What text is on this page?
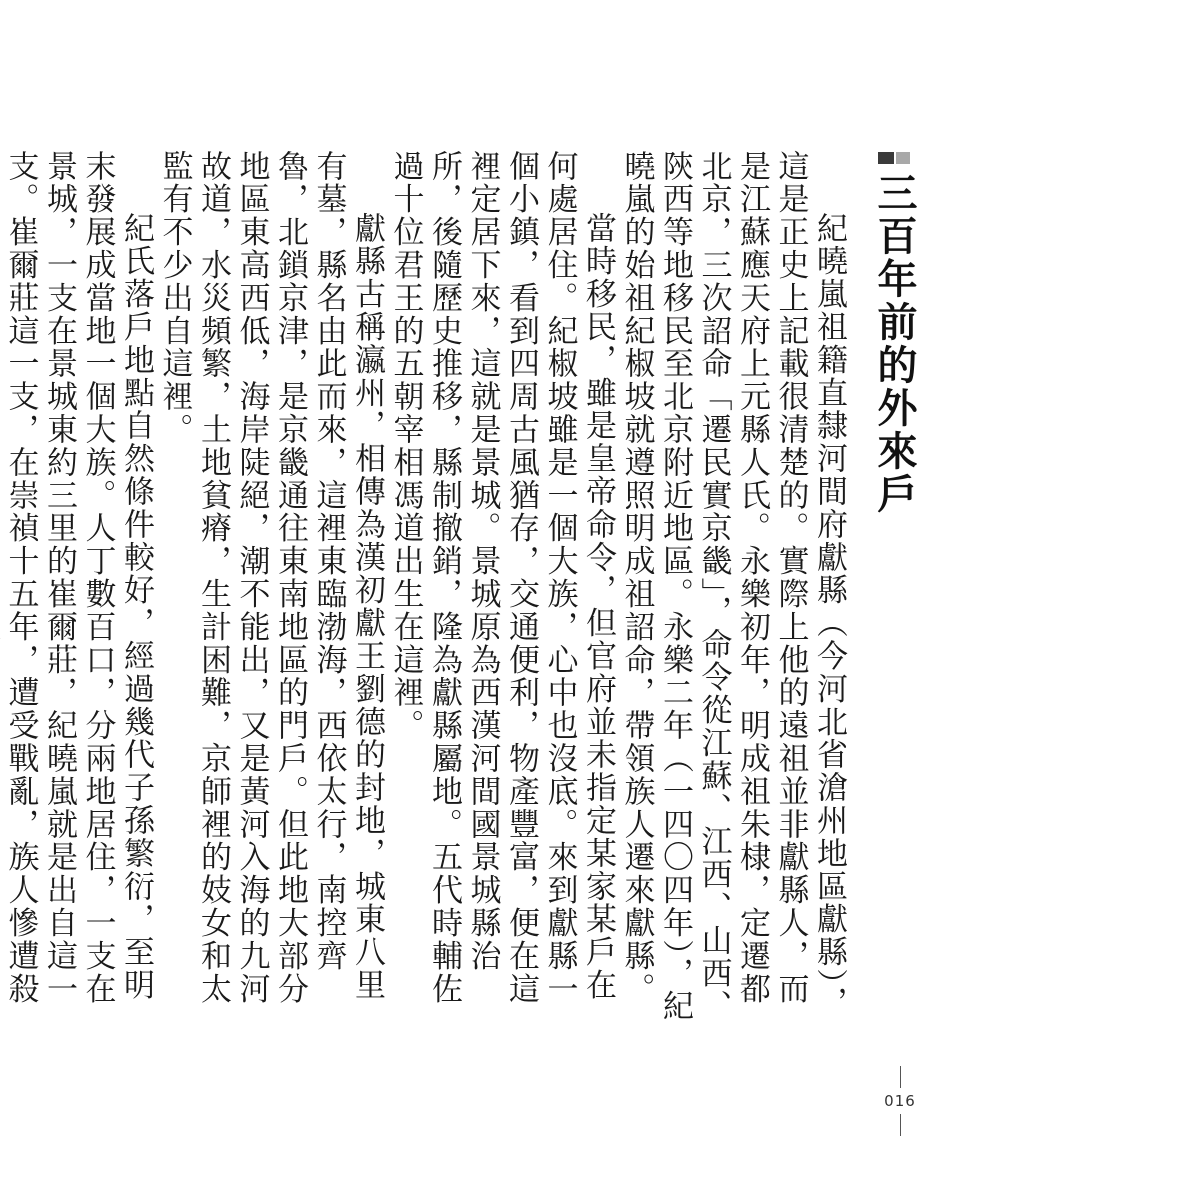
三百年前的外來戶

紀曉嵐祖籍直隸河間府獻縣（今河北省滄州地區獻縣），這是正史上記載很清楚的。實際上他的遠祖並非獻縣人，而是江蘇應天府上元縣人氏。永樂初年，明成祖朱棣，定遷都北京，三次詔命「遷民實京畿」，命令從江蘇、江西、山西、陝西等地移民至北京附近地區。永樂二年（一四〇四年），紀曉嵐的始祖紀椒坡就遵照明成祖詔命，帶領族人遷來獻縣。

當時移民，雖是皇帝命令，但官府並未指定某家某戶在何處居住。紀椒坡雖是一個大族，心中也沒底。來到獻縣一個小鎮，看到四周古風猶存，交通便利，物產豐富，便在這裡定居下來，這就是景城。景城原為西漢河間國景城縣治所，後隨歷史推移，縣制撤銷，隆為獻縣屬地。五代時輔佐過十位君王的五朝宰相馮道出生在這裡。

獻縣古稱瀛州，相傳為漢初獻王劉德的封地，城東八里有墓，縣名由此而來，這裡東臨渤海，西依太行，南控齊魯，北鎖京津，是京畿通往東南地區的門戶。但此地大部分地區東高西低，海岸陡絕，潮不能出，又是黃河入海的九河故道，水災頻繁，土地貧瘠，生計困難，京師裡的妓女和太監有不少出自這裡。

紀氏落戶地點自然條件較好，經過幾代子孫繁衍，至明末發展成當地一個大族。人丁數百口，分兩地居住，一支在景城，一支在景城東約三里的崔爾莊，紀曉嵐就是出自這一支。崔爾莊這一支，在崇禎十五年，遭受戰亂，族人慘遭殺

016
